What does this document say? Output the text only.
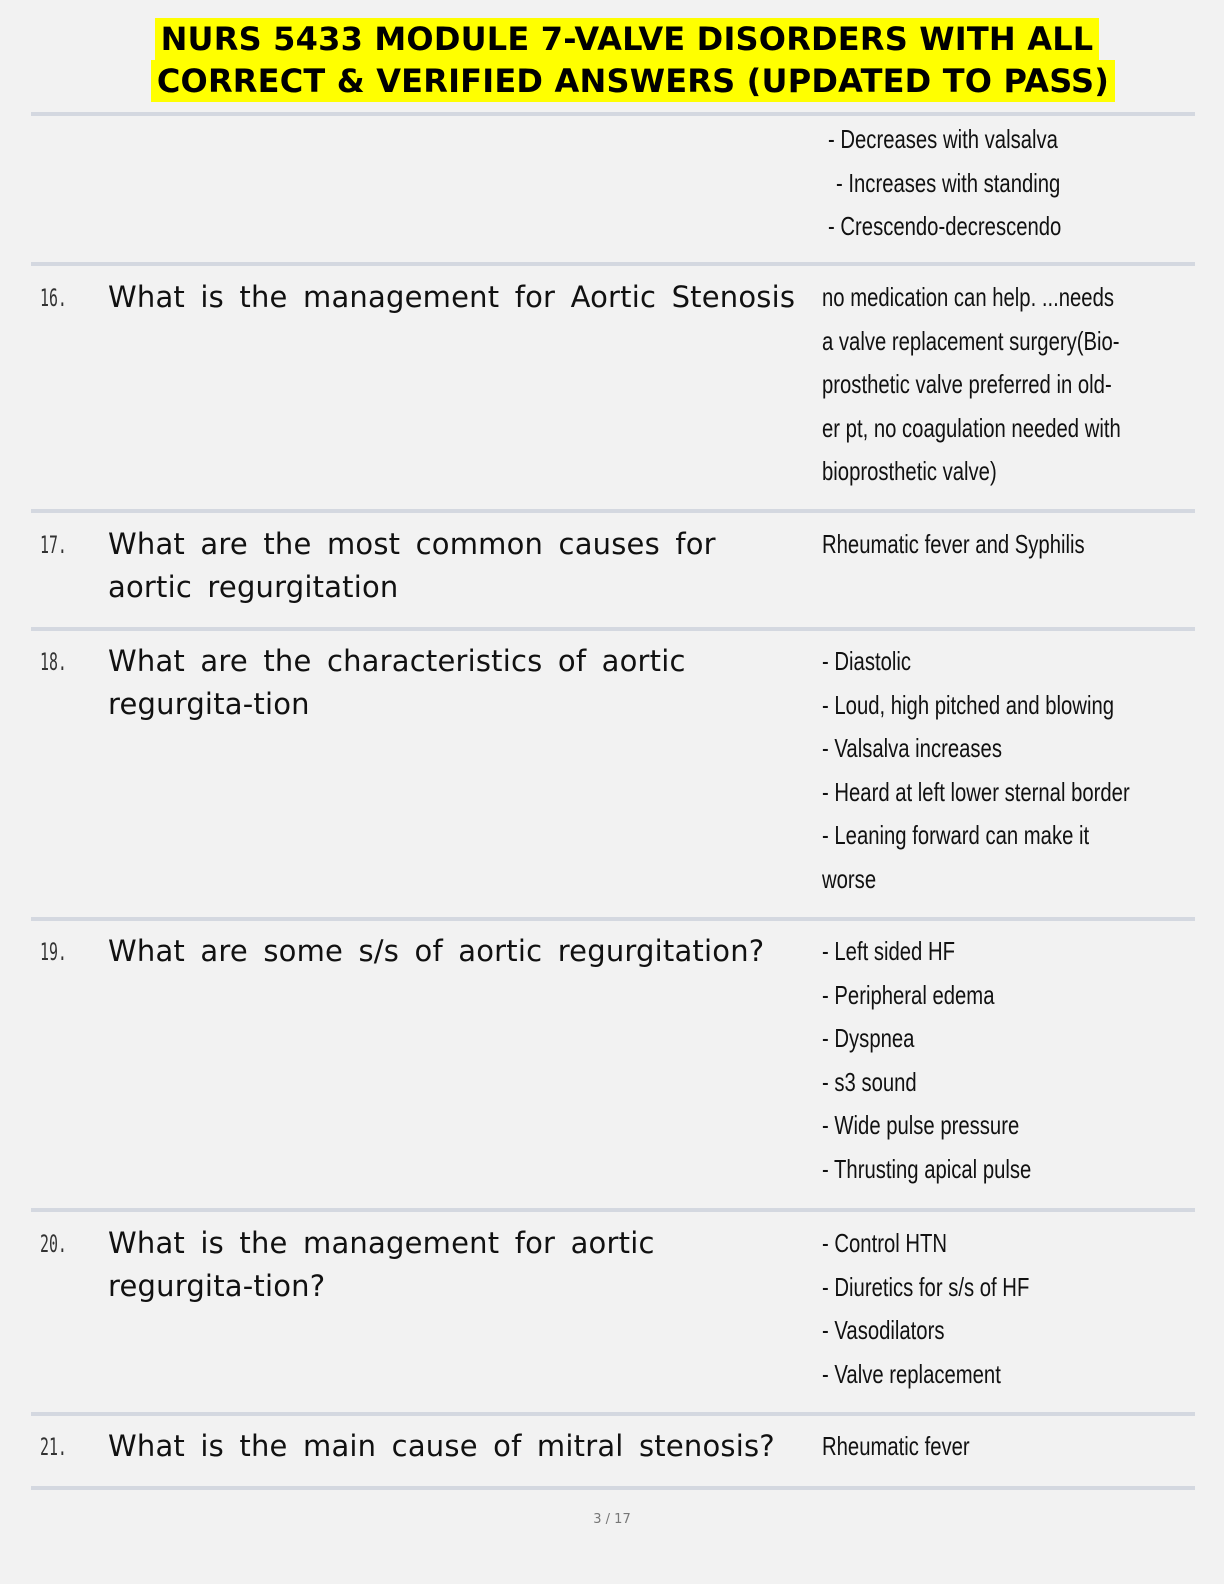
NURS 5433 MODULE 7-VALVE DISORDERS WITH ALL
CORRECT & VERIFIED ANSWERS (UPDATED TO PASS)
- Decreases with valsalva
- Increases with standing
- Crescendo-decrescendo
16. What is the management for Aortic Stenosis no medication can help. ...needs
a valve replacement surgery(Bio-
prosthetic valve preferred in old-
er pt, no coagulation needed with
bioprosthetic valve)
17. What are the most common causes for aortic regurgitation
Rheumatic fever and Syphilis
18. What are the characteristics of aortic regurgita-tion
- Diastolic
- Loud, high pitched and blowing
- Valsalva increases
- Heard at left lower sternal border
- Leaning forward can make it
worse
19. What are some s/s of aortic regurgitation?	- Left sided HF
- Peripheral edema
- Dyspnea
- s3 sound
- Wide pulse pressure
- Thrusting apical pulse
20. What is the management for aortic regurgita-tion?
- Control HTN
- Diuretics for s/s of HF
- Vasodilators
- Valve replacement
21. What is the main cause of mitral stenosis?	Rheumatic fever
3 / 17
